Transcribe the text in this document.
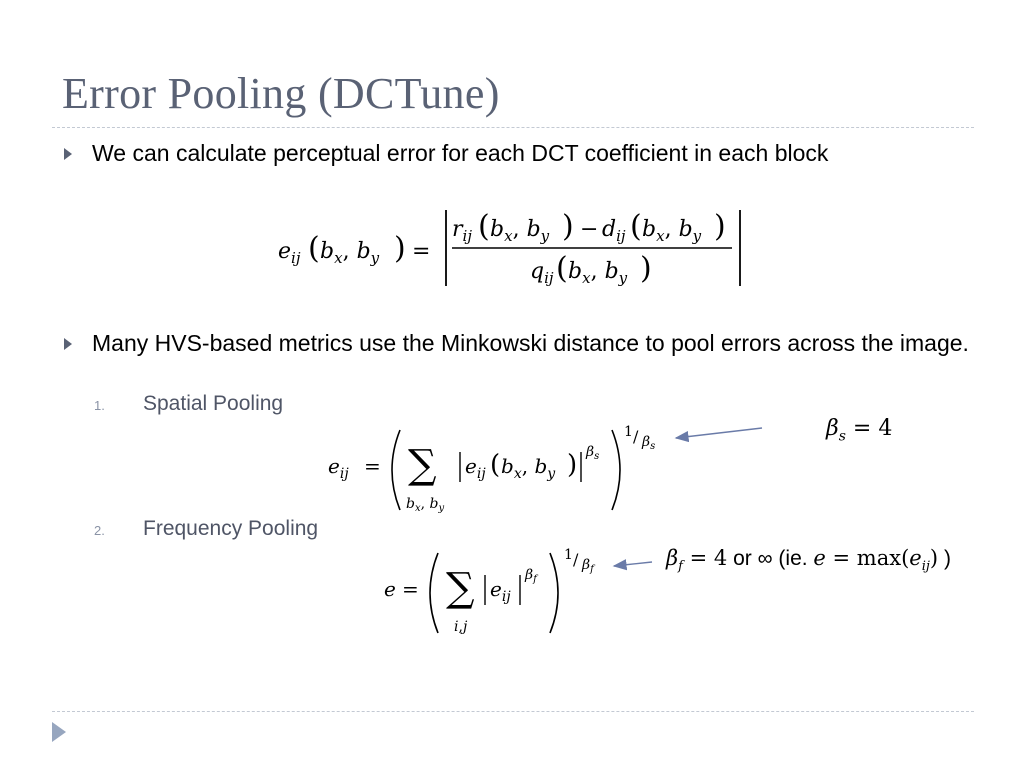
Error Pooling (DCTune)
We can calculate perceptual error for each DCT coefficient in each block
$e_{ij}$ ( $b_x$, $b_y$ ) =
$r_{ij}$ ( $b_x$, $b_y$ ) − $d_{ij}$ ( $b_x$, $b_y$ )
$q_{ij}$ ( $b_x$, $b_y$ )
Many HVS-based metrics use the Minkowski distance to pool errors across the image.
1. Spatial Pooling
$e_{ij}$ = ∑
$b_x$, $b_y$
$e_{ij}$ ( $b_x$, $b_y$ ) $\beta_s$
$1 / \beta_s$
2. Frequency Pooling
e = ∑
i,j
$e_{ij}$
$\beta_f$
$1 / \beta_f$
$\beta_s = 4$
$\beta_f = 4$ or ∞ (ie. $e = \max(e_{ij})$ )
